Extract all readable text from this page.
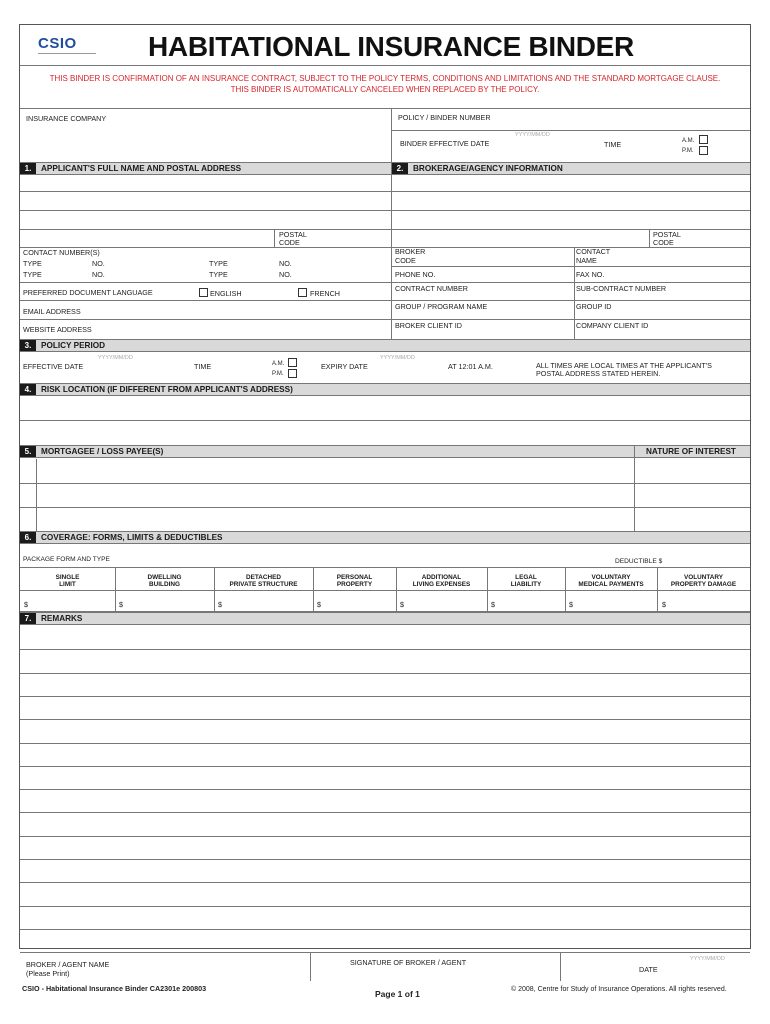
CSIO	HABITATIONAL INSURANCE BINDER
THIS BINDER IS CONFIRMATION OF AN INSURANCE CONTRACT, SUBJECT TO THE POLICY TERMS, CONDITIONS AND LIMITATIONS AND THE STANDARD MORTGAGE CLAUSE.
THIS BINDER IS AUTOMATICALLY CANCELED WHEN REPLACED BY THE POLICY.
INSURANCE COMPANY	POLICY / BINDER NUMBER
YYYY/MM/DD
BINDER EFFECTIVE DATE	TIME	A.M.
P.M.
1.	APPLICANT'S FULL NAME AND POSTAL ADDRESS	2.	BROKERAGE/AGENCY INFORMATION
POSTAL
CODE
CONTACT NUMBER(S)
TYPE	NO.	TYPE	NO.
TYPE	NO.	TYPE	NO.
PREFERRED DOCUMENT LANGUAGE	ENGLISH	FRENCH
EMAIL ADDRESS
WEBSITE ADDRESS
POSTAL
CODE
BROKER
CODE
CONTACT
NAME
PHONE NO.	FAX NO.
CONTRACT NUMBER	SUB-CONTRACT NUMBER
GROUP / PROGRAM NAME	GROUP ID
BROKER CLIENT ID	COMPANY CLIENT ID
3.	POLICY PERIOD
YYYY/MM/DD
EFFECTIVE DATE	TIME	A.M.
P.M.
EXPIRY DATE
YYYY/MM/DD
AT 12:01 A.M.	ALL TIMES ARE LOCAL TIMES AT THE APPLICANT'S
POSTAL ADDRESS STATED HEREIN.
4.	RISK LOCATION (IF DIFFERENT FROM APPLICANT'S ADDRESS)
5.	MORTGAGEE / LOSS PAYEE(S)	NATURE OF INTEREST
6.	COVERAGE: FORMS, LIMITS & DEDUCTIBLES
PACKAGE FORM AND TYPE	DEDUCTIBLE $
SINGLE
LIMIT
DWELLING
BUILDING
DETACHED
PRIVATE STRUCTURE
PERSONAL
PROPERTY
ADDITIONAL
LIVING EXPENSES
LEGAL
LIABILITY
VOLUNTARY
MEDICAL PAYMENTS
VOLUNTARY
PROPERTY DAMAGE
$	$	$	$	$	$	$	$
7.	REMARKS
BROKER / AGENT NAME
(Please Print)
SIGNATURE OF BROKER / AGENT	YYYY/MM/DD
DATE
CSIO - Habitational Insurance Binder CA2301e 200803
Page 1 of 1	© 2008, Centre for Study of Insurance Operations. All rights reserved.
